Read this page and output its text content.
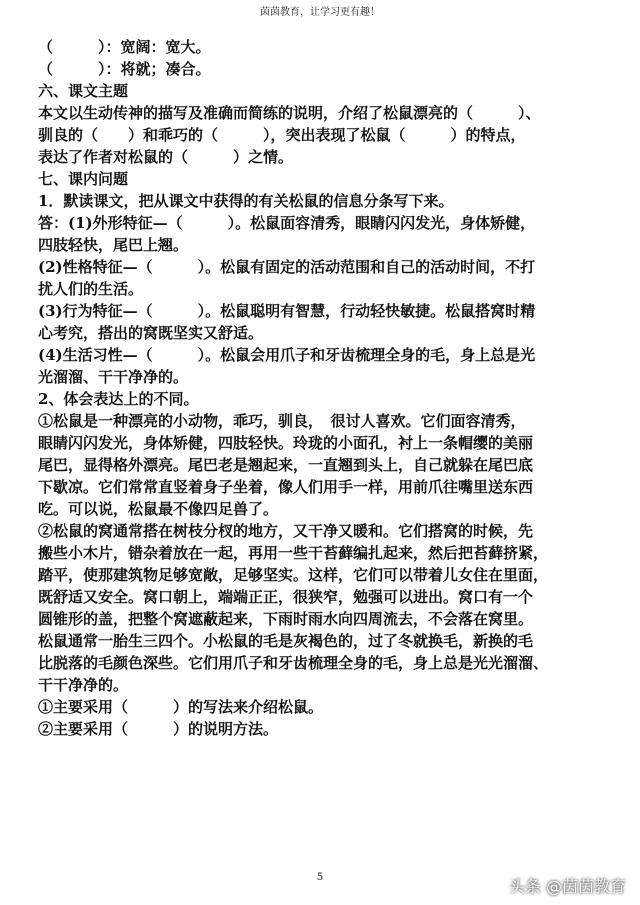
茵茵教育，让学习更有趣！

（　　　）：宽阔：宽大。

（　　　）：将就；凑合。

六、课文主题

本文以生动传神的描写及准确而简练的说明，介绍了松鼠漂亮的（　　　）、

驯良的（　　）和乖巧的（　　　），突出表现了松鼠（　　　）的特点，

表达了作者对松鼠的（　　　）之情。

七、课内问题

1．默读课文，把从课文中获得的有关松鼠的信息分条写下来。

答：(1)外形特征—（　　　）。松鼠面容清秀，眼睛闪闪发光，身体矫健，

四肢轻快，尾巴上翘。

(2)性格特征—（　　　）。松鼠有固定的活动范围和自己的活动时间，不打

扰人们的生活。

(3)行为特征—（　　　）。松鼠聪明有智慧，行动轻快敏捷。松鼠搭窝时精

心考究，搭出的窝既坚实又舒适。

(4)生活习性—（　　　）。松鼠会用爪子和牙齿梳理全身的毛，身上总是光

光溜溜、干干净净的。

2、体会表达上的不同。

①松鼠是一种漂亮的小动物，乖巧，驯良，　很讨人喜欢。它们面容清秀，

眼睛闪闪发光，身体矫健，四肢轻快。玲珑的小面孔，衬上一条帽缨的美丽

尾巴，显得格外漂亮。尾巴老是翘起来，一直翘到头上，自己就躲在尾巴底

下歇凉。它们常常直竖着身子坐着，像人们用手一样，用前爪往嘴里送东西

吃。可以说，松鼠最不像四足兽了。

②松鼠的窝通常搭在树枝分杈的地方，又干净又暖和。它们搭窝的时候，先

搬些小木片，错杂着放在一起，再用一些干苔藓编扎起来，然后把苔藓挤紧，

踏平，使那建筑物足够宽敞，足够坚实。这样，它们可以带着儿女住在里面，

既舒适又安全。窝口朝上，端端正正，很狭窄，勉强可以进出。窝口有一个

圆锥形的盖，把整个窝遮蔽起来，下雨时雨水向四周流去，不会落在窝里。

松鼠通常一胎生三四个。小松鼠的毛是灰褐色的，过了冬就换毛，新换的毛

比脱落的毛颜色深些。它们用爪子和牙齿梳理全身的毛，身上总是光光溜溜、

干干净净的。

①主要采用（　　　）的写法来介绍松鼠。

②主要采用（　　　）的说明方法。

5	头条 @茵茵教育
